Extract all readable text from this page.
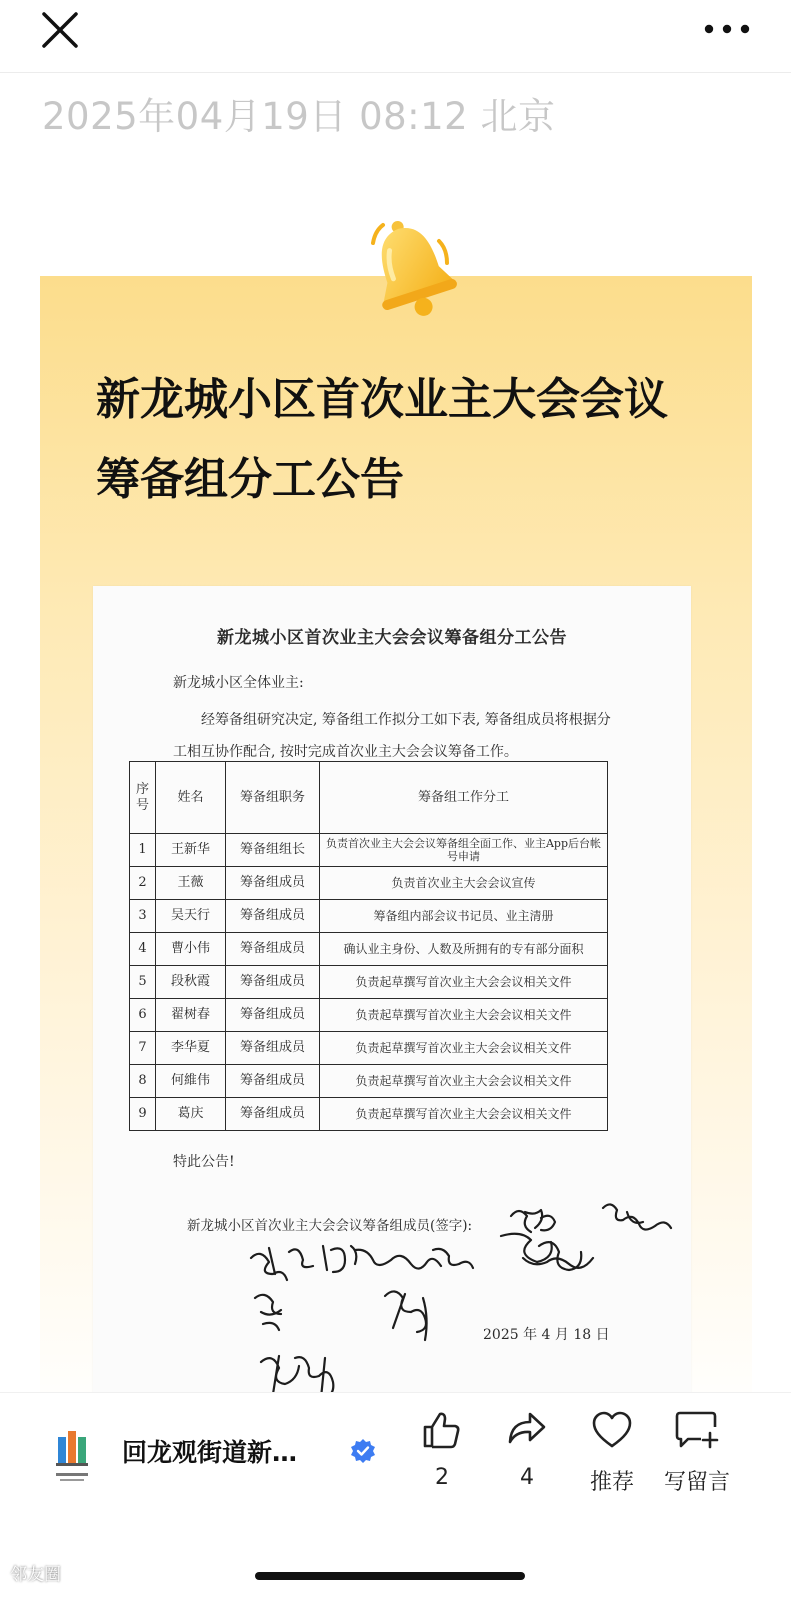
2025年04月19日 08:12 北京
新龙城小区首次业主大会会议
筹备组分工公告
新龙城小区首次业主大会会议筹备组分工公告
新龙城小区全体业主:
经筹备组研究决定, 筹备组工作拟分工如下表, 筹备组成员将根据分工相互协作配合, 按时完成首次业主大会会议筹备工作。
序号	姓名	筹备组职务	筹备组工作分工
1	王新华	筹备组组长	负责首次业主大会会议筹备组全面工作、业主App后台帐号申请
2	王薇	筹备组成员	负责首次业主大会会议宣传
3	吴天行	筹备组成员	筹备组内部会议书记员、业主清册
4	曹小伟	筹备组成员	确认业主身份、人数及所拥有的专有部分面积
5	段秋霞	筹备组成员	负责起草撰写首次业主大会会议相关文件
6	翟树春	筹备组成员	负责起草撰写首次业主大会会议相关文件
7	李华夏	筹备组成员	负责起草撰写首次业主大会会议相关文件
8	何維伟	筹备组成员	负责起草撰写首次业主大会会议相关文件
9	葛庆	筹备组成员	负责起草撰写首次业主大会会议相关文件
特此公告!
新龙城小区首次业主大会会议筹备组成员(签字):
2025 年 4 月 18 日
回龙观街道新…
2	4	推荐	写留言
邻友圈
